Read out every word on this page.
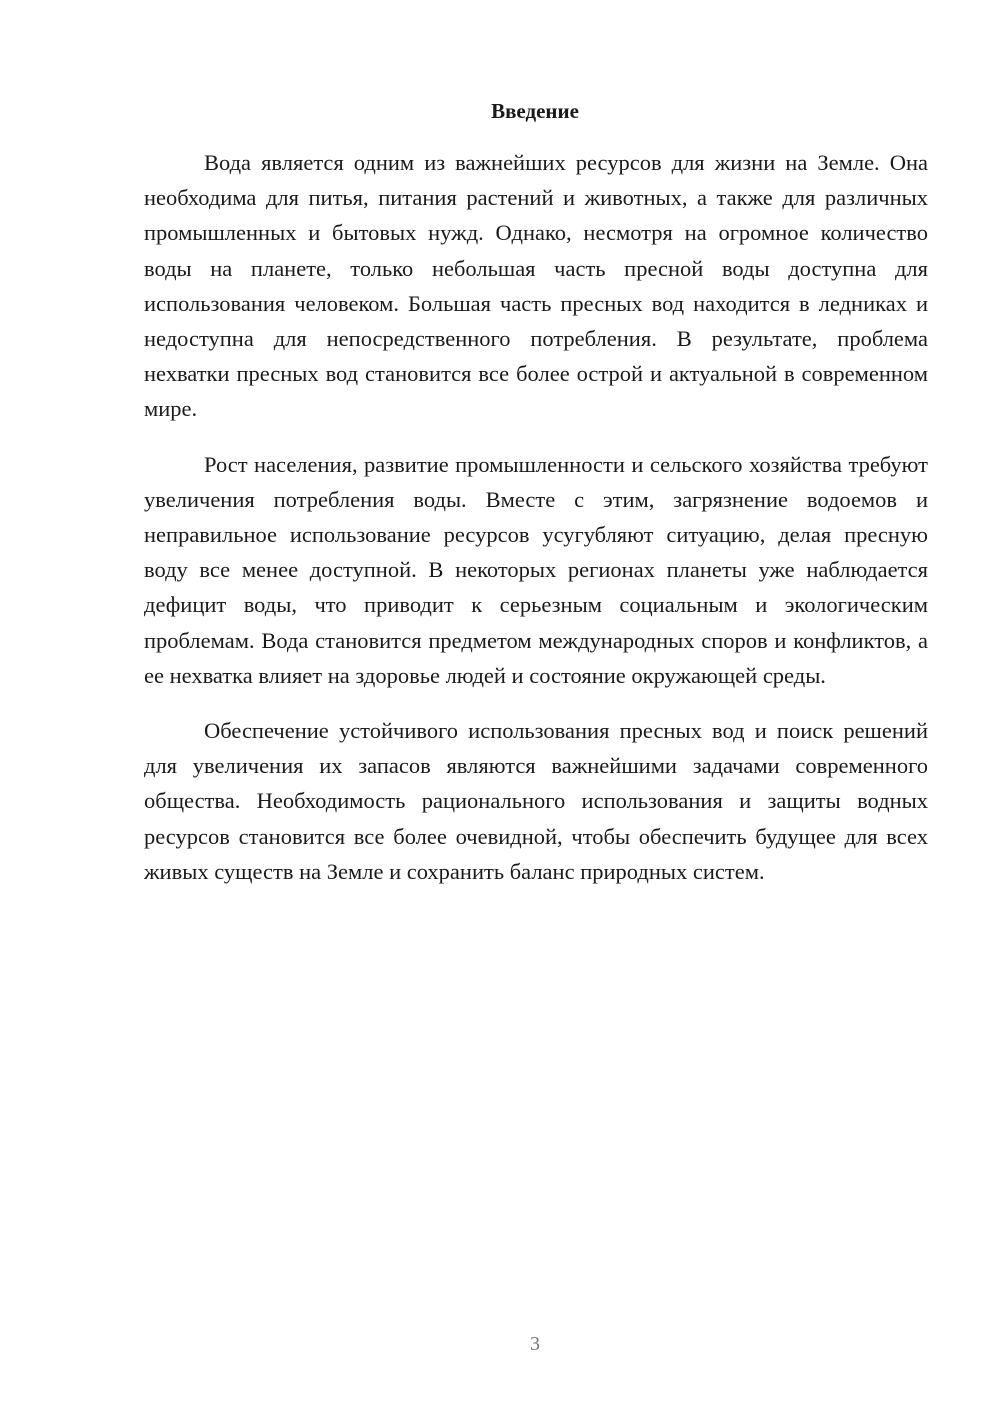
Введение

Вода является одним из важнейших ресурсов для жизни на Земле. Она необходима для питья, питания растений и животных, а также для различных промышленных и бытовых нужд. Однако, несмотря на огромное количество воды на планете, только небольшая часть пресной воды доступна для использования человеком. Большая часть пресных вод находится в ледниках и недоступна для непосредственного потребления. В результате, проблема нехватки пресных вод становится все более острой и актуальной в современном мире.

Рост населения, развитие промышленности и сельского хозяйства требуют увеличения потребления воды. Вместе с этим, загрязнение водоемов и неправильное использование ресурсов усугубляют ситуацию, делая пресную воду все менее доступной. В некоторых регионах планеты уже наблюдается дефицит воды, что приводит к серьезным социальным и экологическим проблемам. Вода становится предметом международных споров и конфликтов, а ее нехватка влияет на здоровье людей и состояние окружающей среды.

Обеспечение устойчивого использования пресных вод и поиск решений для увеличения их запасов являются важнейшими задачами современного общества. Необходимость рационального использования и защиты водных ресурсов становится все более очевидной, чтобы обеспечить будущее для всех живых существ на Земле и сохранить баланс природных систем.

3
